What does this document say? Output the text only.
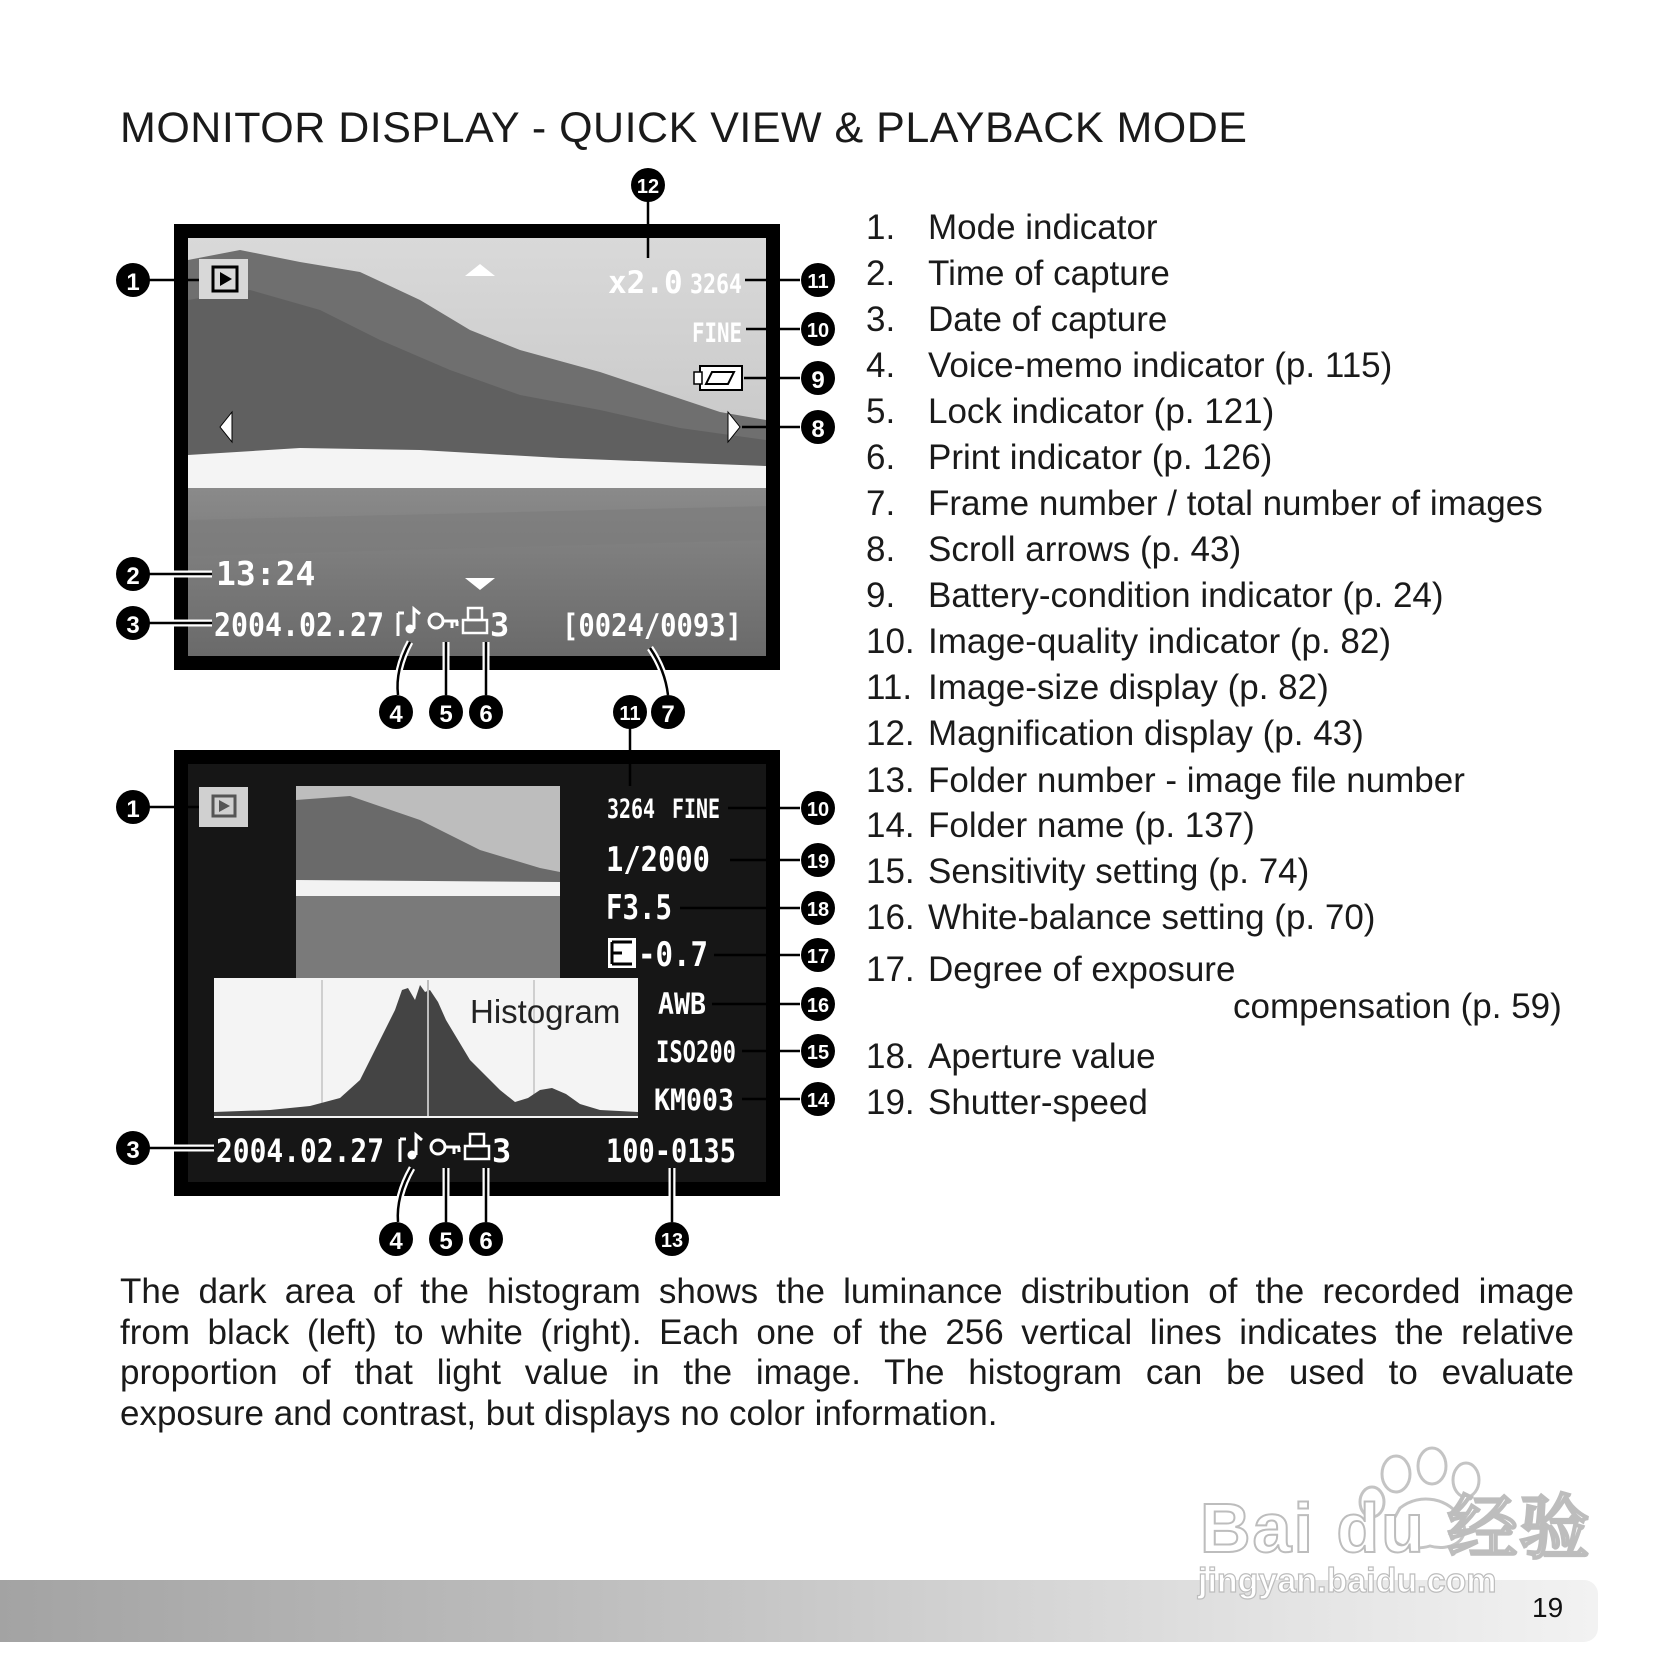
MONITOR DISPLAY - QUICK VIEW & PLAYBACK MODE
x2.0 3264
FINE
13:24
2004.02.27	3 [0024/0093]
Histogram
3264 FINE
1/2000
F3.5
-0.7
AWB
ISO200
KM003
2004.02.27	3	100-0135
1
2
3
12
11
10
9
8
4 5 6	11 7
1
3
10
19
18
17
16
15
14
4 5 6	13
1. Mode indicator
2. Time of capture
3. Date of capture
4. Voice-memo indicator (p. 115)
5. Lock indicator (p. 121)
6. Print indicator (p. 126)
7. Frame number / total number of images
8. Scroll arrows (p. 43)
9. Battery-condition indicator (p. 24)
10. Image-quality indicator (p. 82)
11. Image-size display (p. 82)
12. Magnification display (p. 43)
13. Folder number - image file number
14. Folder name (p. 137)
15. Sensitivity setting (p. 74)
16. White-balance setting (p. 70)
17. Degree of exposure
compensation (p. 59)
18. Aperture value
19. Shutter-speed
The dark area of the histogram shows the luminance distribution of the recorded image
from black (left) to white (right). Each one of the 256 vertical lines indicates the relative
proportion of that light value in the image. The histogram can be used to evaluate
exposure and contrast, but displays no color information.
Bai du 经验
jingyan.baidu.com
19
